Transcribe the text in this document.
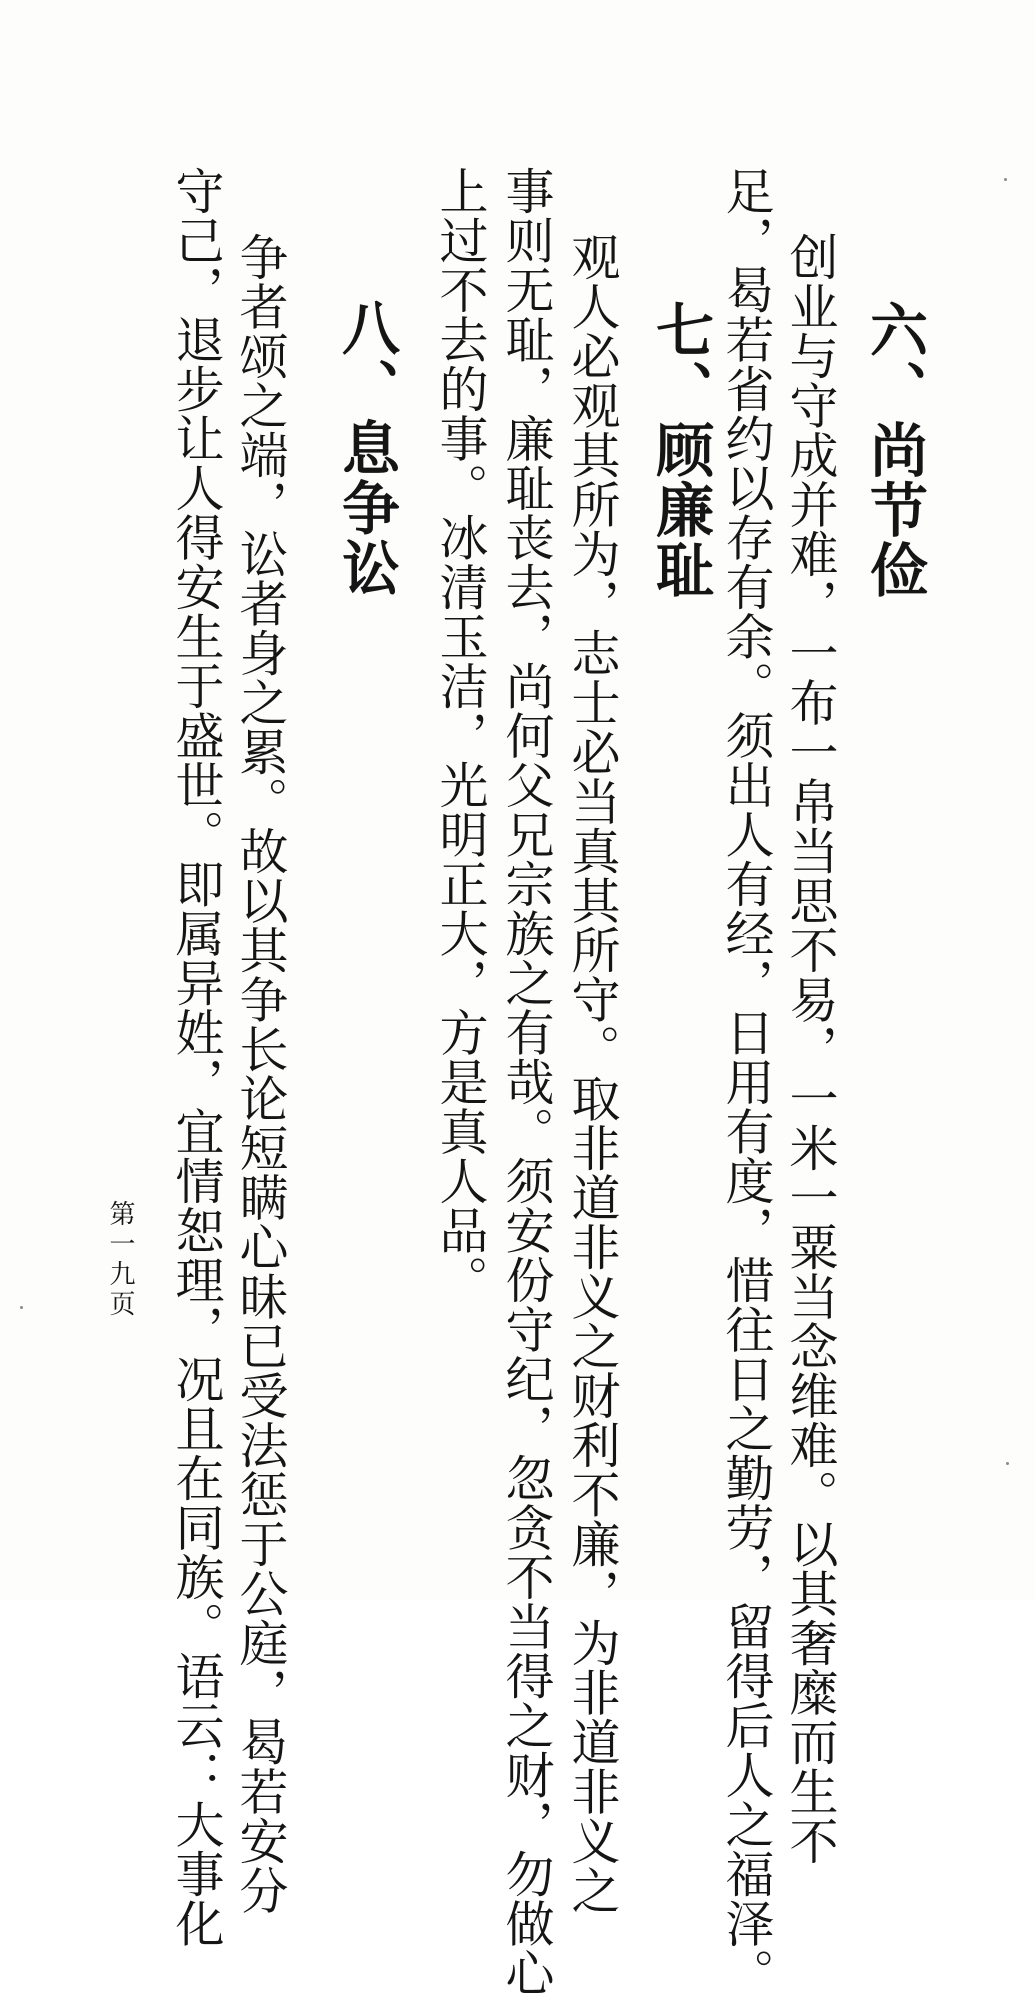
六、尚节俭
创业与守成并难，一布一帛当思不易，一米一粟当念维难。以其奢糜而生不
足，曷若省约以存有余。须出人有经，日用有度，惜往日之勤劳，留得后人之福泽。
七、顾廉耻
观人必观其所为，志士必当真其所守。取非道非义之财利不廉，为非道非义之
事则无耻，廉耻丧去，尚何父兄宗族之有哉。须安份守纪，忽贪不当得之财，勿做心
上过不去的事。冰清玉洁，光明正大，方是真人品。
八、息争讼
争者颂之端，讼者身之累。故以其争长论短瞒心昧已受法惩于公庭，曷若安分
守己，退步让人得安生于盛世。即属异姓，宜情恕理，况且在同族。语云：大事化
第一九页
